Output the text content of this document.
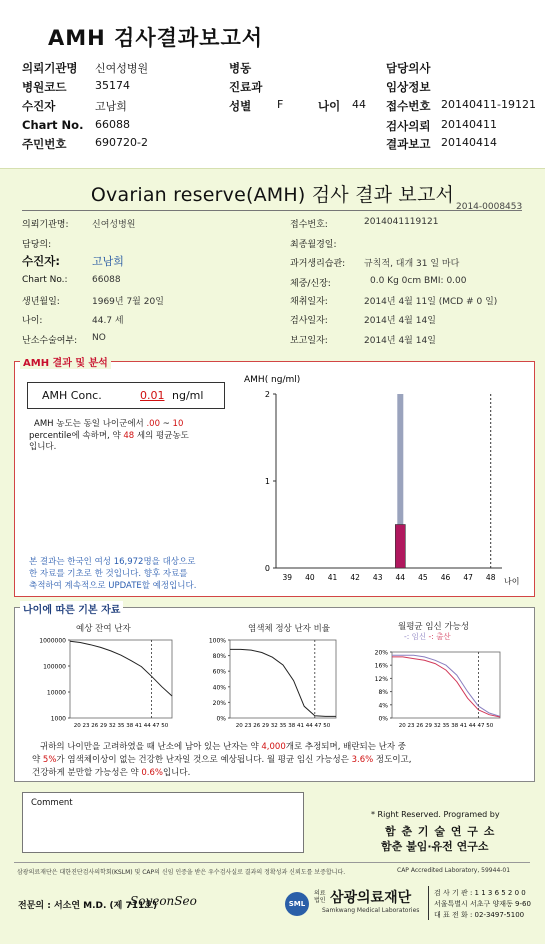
AMH 검사결과보고서
의뢰기관명 신여성병원
병원코드	35174
수진자	고남희
Chart No. 66088
주민번호	690720-2
병동
진료과
성별 F	나이 44
담당의사
임상정보
접수번호 20140411-19121
검사의뢰 20140411
결과보고 20140414
Ovarian reserve(AMH) 검사 결과 보고서
2014-0008453
의뢰기관명:	신여성병원
담당의:
수진자:	고남희
Chart No.:	66088
생년월일:	1969년 7월 20일
나이:	44.7 세
난소수술여부: NO
접수번호:	2014041119121
최종월경일:
과거생리습관: 규칙적, 대개 31 일 마다
체중/신장:	0.0 Kg 0cm BMI: 0.00
채취일자:	2014년 4월 11일 (MCD # 0 일)
검사일자:	2014년 4월 14일
보고일자:	2014년 4월 14일
AMH 결과 및 분석
AMH Conc.	0.01 ng/ml
AMH 농도는 동일 나이군에서 .00 ~ 10
percentile에 속하며, 약 48 세의 평균농도
입니다.
본 결과는 한국인 여성 16,972명을 대상으로
한 자료를 기초로 한 것입니다. 향후 자료를
축적하여 계속적으로 UPDATE할 예정입니다.
AMH( ng/ml)
0
1
2
39 40 41 42 43 44 45 46 47 48 나이
나이에 따른 기본 자료
예상 잔여 난자	염색체 정상 난자 비율	월평균 임신 가능성
-: 임신 -: 출산
1000000
100000
10000
1000
20 23 26 29 32 35 38 41 44 47 50
100%
80%
60%
40%
20%
0%
20 23 26 29 32 35 38 41 44 47 50
20%
16%
12%
8%
4%
0%
20 23 26 29 32 35 38 41 44 47 50
귀하의 나이만을 고려하였을 때 난소에 남아 있는 난자는 약 4,000개로 추정되며, 배란되는 난자 중
약 5%가 염색체이상이 없는 건강한 난자일 것으로 예상됩니다. 월 평균 임신 가능성은 3.6% 정도이고,
건강하게 분만할 가능성은 약 0.6%입니다.
Comment
* Right Reserved. Programed by
함 춘 기 술 연 구 소
함춘 불임·유전 연구소
삼광의료재단은 대한진단검사의학회(KSLM) 및 CAP의 신임 인증을 받은 우수검사실로 결과의 정확성과 신뢰도를 보증합니다.	CAP Accredited Laboratory, 59944-01
전문의 : 서소연 M.D. (제 711호)
SoyeonSeo	SML
의료
법인 삼광의료재단
Samkwang Medical Laboratories
검 사 기 관 : 1 1 3 6 5 2 0 0
서울특별시 서초구 양재동 9-60
대 표 전 화 : 02-3497-5100
